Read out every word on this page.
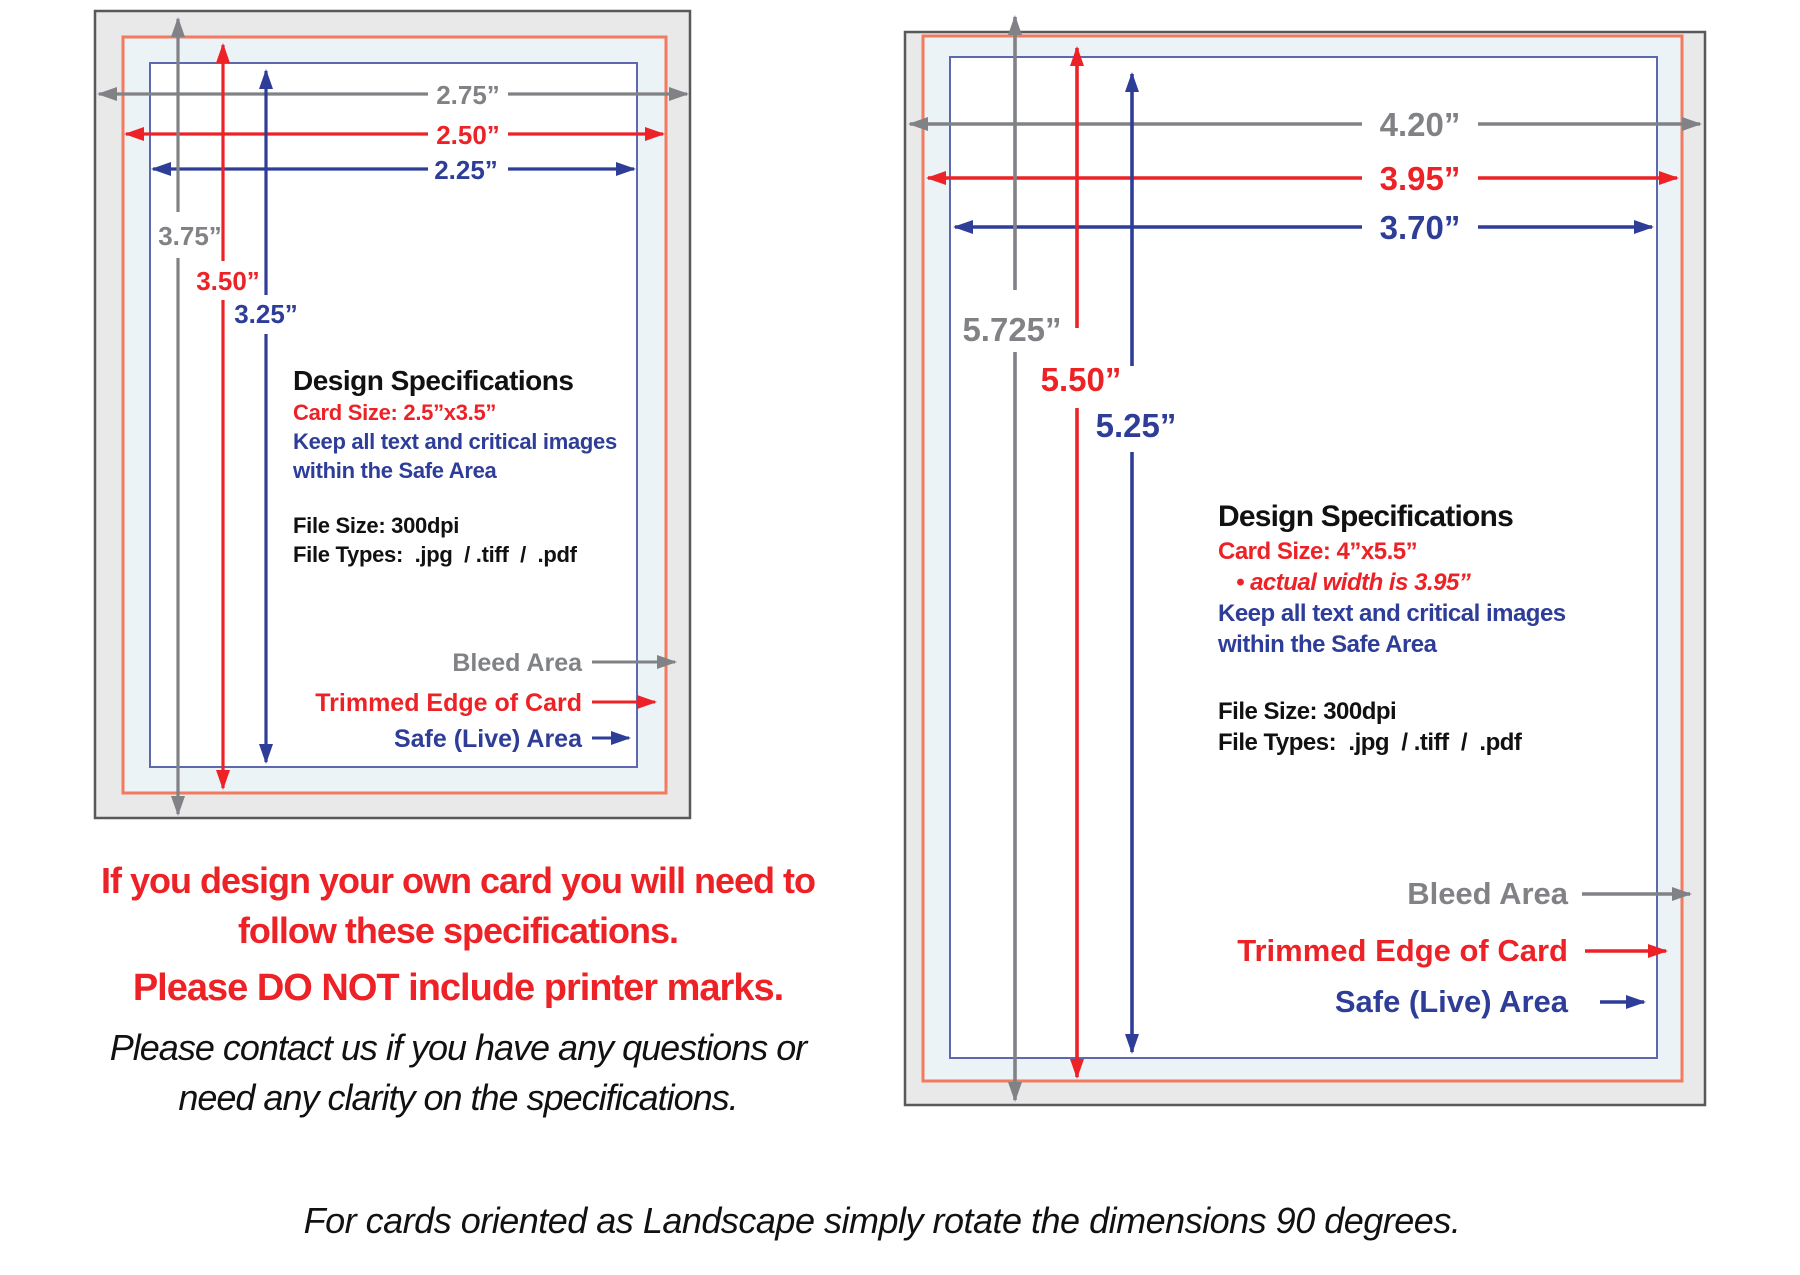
2.75”
2.50”
2.25”
3.75”
3.50”
3.25”
Bleed Area
Trimmed Edge of Card
Safe (Live) Area
4.20”
3.95”
3.70”
5.725”
5.50”
5.25”
Bleed Area
Trimmed Edge of Card
Safe (Live) Area
Design Specifications
Card Size: 2.5”x3.5”
Keep all text and critical images
within the Safe Area
File Size: 300dpi
File Types:  .jpg  / .tiff  /  .pdf
Design Specifications
Card Size: 4”x5.5”
• actual width is 3.95”
Keep all text and critical images
within the Safe Area
File Size: 300dpi
File Types:  .jpg  / .tiff  /  .pdf
If you design your own card you will need to
follow these specifications.
Please DO NOT include printer marks.
Please contact us if you have any questions or
need any clarity on the specifications.
For cards oriented as Landscape simply rotate the dimensions 90 degrees.
